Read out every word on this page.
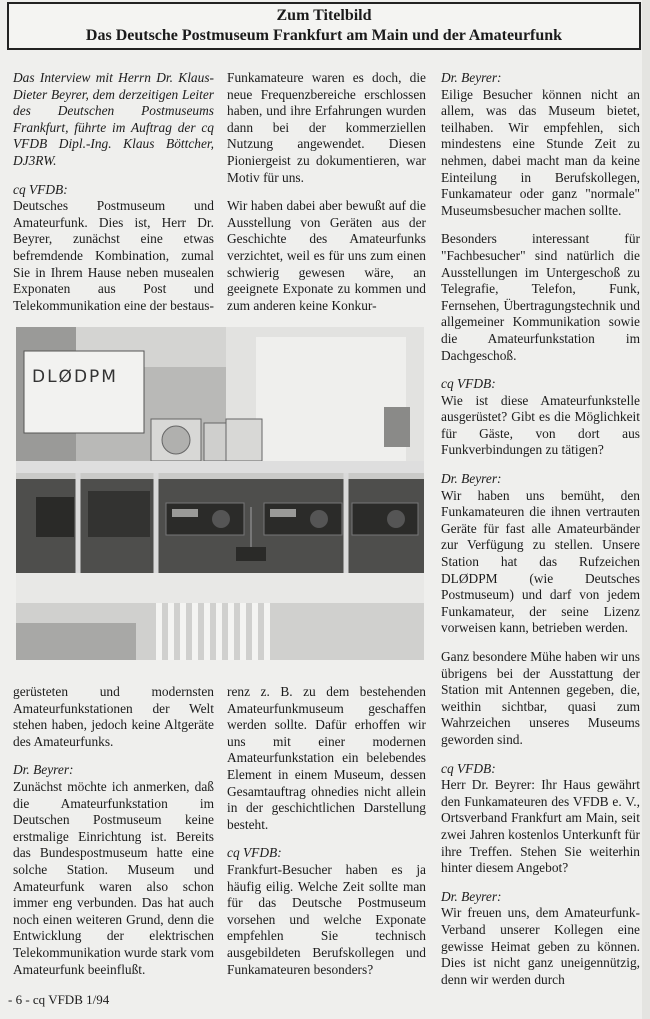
Zum Titelbild
Das Deutsche Postmuseum Frankfurt am Main und der Amateurfunk

Das Interview mit Herrn Dr. Klaus-Dieter Beyrer, dem derzeitigen Leiter des Deutschen Postmuseums Frankfurt, führte im Auftrag der cq VFDB Dipl.-Ing. Klaus Böttcher, DJ3RW.

cq VFDB:
Deutsches Postmuseum und Amateurfunk. Dies ist, Herr Dr. Beyrer, zunächst eine etwas befremdende Kombination, zumal Sie in Ihrem Hause neben musealen Exponaten aus Post und Telekommunikation eine der bestaus-

Funkamateure waren es doch, die neue Frequenzbereiche erschlossen haben, und ihre Erfahrungen wurden dann bei der kommerziellen Nutzung angewendet. Diesen Pioniergeist zu dokumentieren, war Motiv für uns.

Wir haben dabei aber bewußt auf die Ausstellung von Geräten aus der Geschichte des Amateurfunks verzichtet, weil es für uns zum einen schwierig gewesen wäre, an geeignete Exponate zu kommen und zum anderen keine Konkur-

Dr. Beyrer:
Eilige Besucher können nicht an allem, was das Museum bietet, teilhaben. Wir empfehlen, sich mindestens eine Stunde Zeit zu nehmen, dabei macht man da keine Einteilung in Berufskollegen, Funkamateur oder ganz "normale" Museumsbesucher machen sollte.

Besonders interessant für "Fachbesucher" sind natürlich die Ausstellungen im Untergeschoß zu Telegrafie, Telefon, Funk, Fernsehen, Übertragungstechnik und allgemeiner Kommunikation sowie die Amateurfunkstation im Dachgeschoß.

cq VFDB:
Wie ist diese Amateurfunkstelle ausgerüstet? Gibt es die Möglichkeit für Gäste, von dort aus Funkverbindungen zu tätigen?

Dr. Beyrer:
Wir haben uns bemüht, den Funkamateuren die ihnen vertrauten Geräte für fast alle Amateurbänder zur Verfügung zu stellen. Unsere Station hat das Rufzeichen DLØDPM (wie Deutsches Postmuseum) und darf von jedem Funkamateur, der seine Lizenz vorweisen kann, betrieben werden.

Ganz besondere Mühe haben wir uns übrigens bei der Ausstattung der Station mit Antennen gegeben, die, weithin sichtbar, quasi zum Wahrzeichen unseres Museums geworden sind.

cq VFDB:
Herr Dr. Beyrer: Ihr Haus gewährt den Funkamateuren des VFDB e. V., Ortsverband Frankfurt am Main, seit zwei Jahren kostenlos Unterkunft für ihre Treffen. Stehen Sie weiterhin hinter diesem Angebot?

Dr. Beyrer:
Wir freuen uns, dem Amateurfunk-Verband unserer Kollegen eine gewisse Heimat geben zu können. Dies ist nicht ganz uneigennützig, denn wir werden durch

DLØDPM

gerüsteten und modernsten Amateurfunkstationen der Welt stehen haben, jedoch keine Altgeräte des Amateurfunks.

Dr. Beyrer:
Zunächst möchte ich anmerken, daß die Amateurfunkstation im Deutschen Postmuseum keine erstmalige Einrichtung ist. Bereits das Bundespostmuseum hatte eine solche Station. Museum und Amateurfunk waren also schon immer eng verbunden. Das hat auch noch einen weiteren Grund, denn die Entwicklung der elektrischen Telekommunikation wurde stark vom Amateurfunk beeinflußt.

renz z. B. zu dem bestehenden Amateurfunkmuseum geschaffen werden sollte. Dafür erhoffen wir uns mit einer modernen Amateurfunkstation ein belebendes Element in einem Museum, dessen Gesamtauftrag ohnedies nicht allein in der geschichtlichen Darstellung besteht.

cq VFDB:
Frankfurt-Besucher haben es ja häufig eilig. Welche Zeit sollte man für das Deutsche Postmuseum vorsehen und welche Exponate empfehlen Sie technisch ausgebildeten Berufskollegen und Funkamateuren besonders?

- 6 - cq VFDB 1/94
